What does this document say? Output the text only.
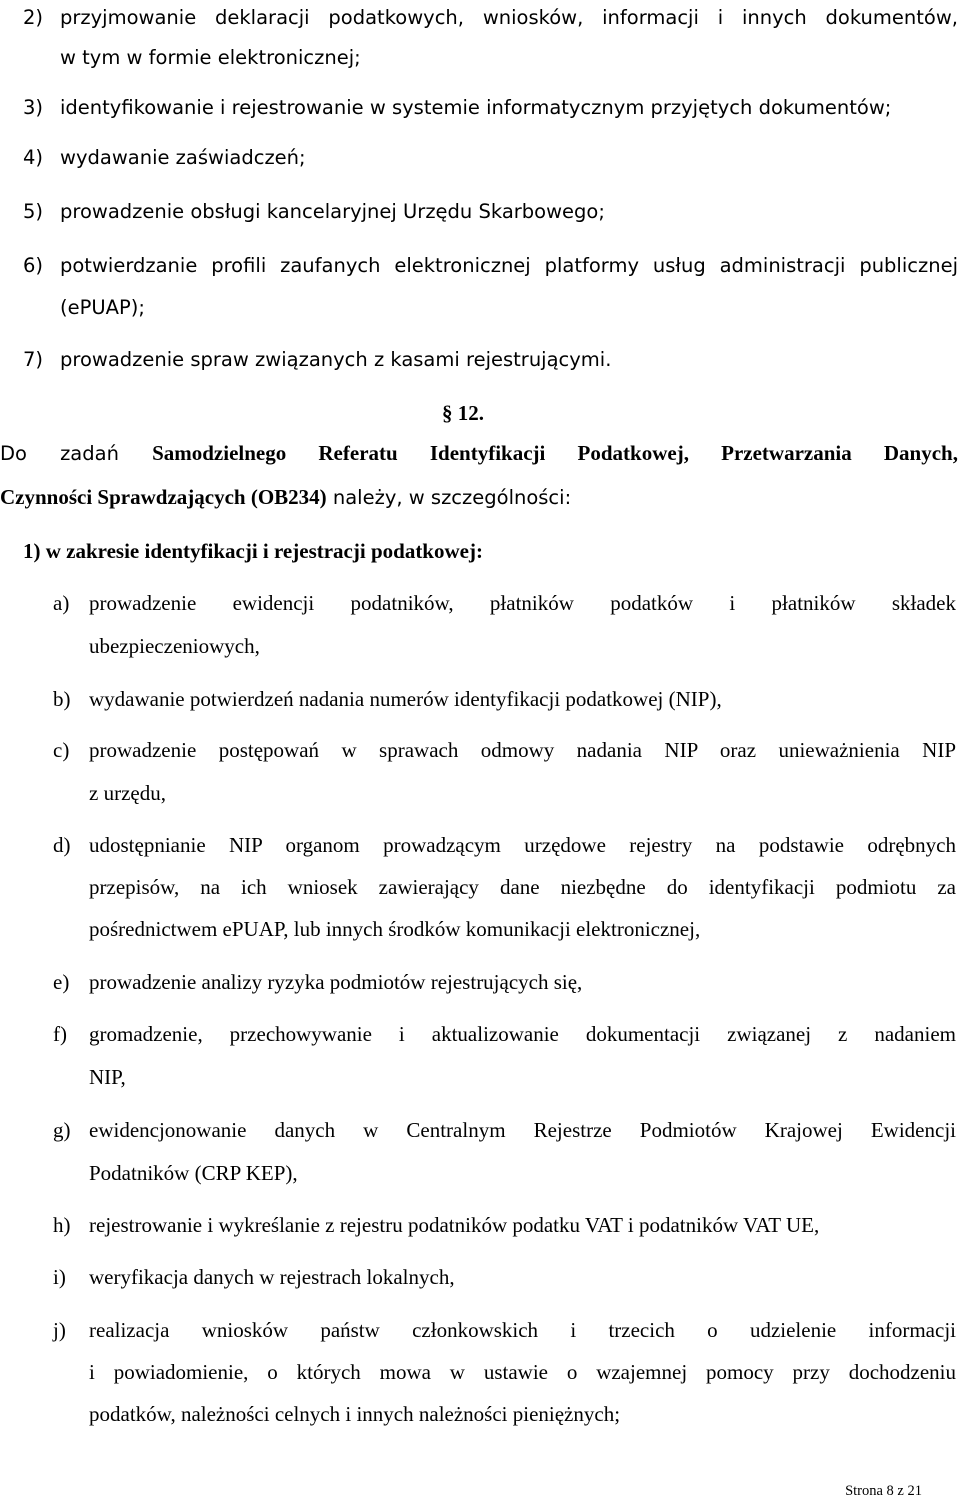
2) przyjmowanie deklaracji podatkowych, wniosków, informacji i innych dokumentów,
w tym w formie elektronicznej;
3) identyfikowanie i rejestrowanie w systemie informatycznym przyjętych dokumentów;
4) wydawanie zaświadczeń;
5) prowadzenie obsługi kancelaryjnej Urzędu Skarbowego;
6) potwierdzanie profili zaufanych elektronicznej platformy usług administracji publicznej
(ePUAP);
7) prowadzenie spraw związanych z kasami rejestrującymi.
§ 12.
Do zadań Samodzielnego Referatu Identyfikacji Podatkowej, Przetwarzania Danych,
Czynności Sprawdzających (OB234) należy, w szczególności:
1) w zakresie identyfikacji i rejestracji podatkowej:
a) prowadzenie ewidencji podatników, płatników podatków i płatników składek
ubezpieczeniowych,
b) wydawanie potwierdzeń nadania numerów identyfikacji podatkowej (NIP),
c) prowadzenie postępowań w sprawach odmowy nadania NIP oraz unieważnienia NIP
z urzędu,
d) udostępnianie NIP organom prowadzącym urzędowe rejestry na podstawie odrębnych
przepisów, na ich wniosek zawierający dane niezbędne do identyfikacji podmiotu za
pośrednictwem ePUAP, lub innych środków komunikacji elektronicznej,
e) prowadzenie analizy ryzyka podmiotów rejestrujących się,
f) gromadzenie, przechowywanie i aktualizowanie dokumentacji związanej z nadaniem
NIP,
g) ewidencjonowanie danych w Centralnym Rejestrze Podmiotów Krajowej Ewidencji
Podatników (CRP KEP),
h) rejestrowanie i wykreślanie z rejestru podatników podatku VAT i podatników VAT UE,
i) weryfikacja danych w rejestrach lokalnych,
j) realizacja wniosków państw członkowskich i trzecich o udzielenie informacji
i powiadomienie, o których mowa w ustawie o wzajemnej pomocy przy dochodzeniu
podatków, należności celnych i innych należności pieniężnych;
Strona 8 z 21
